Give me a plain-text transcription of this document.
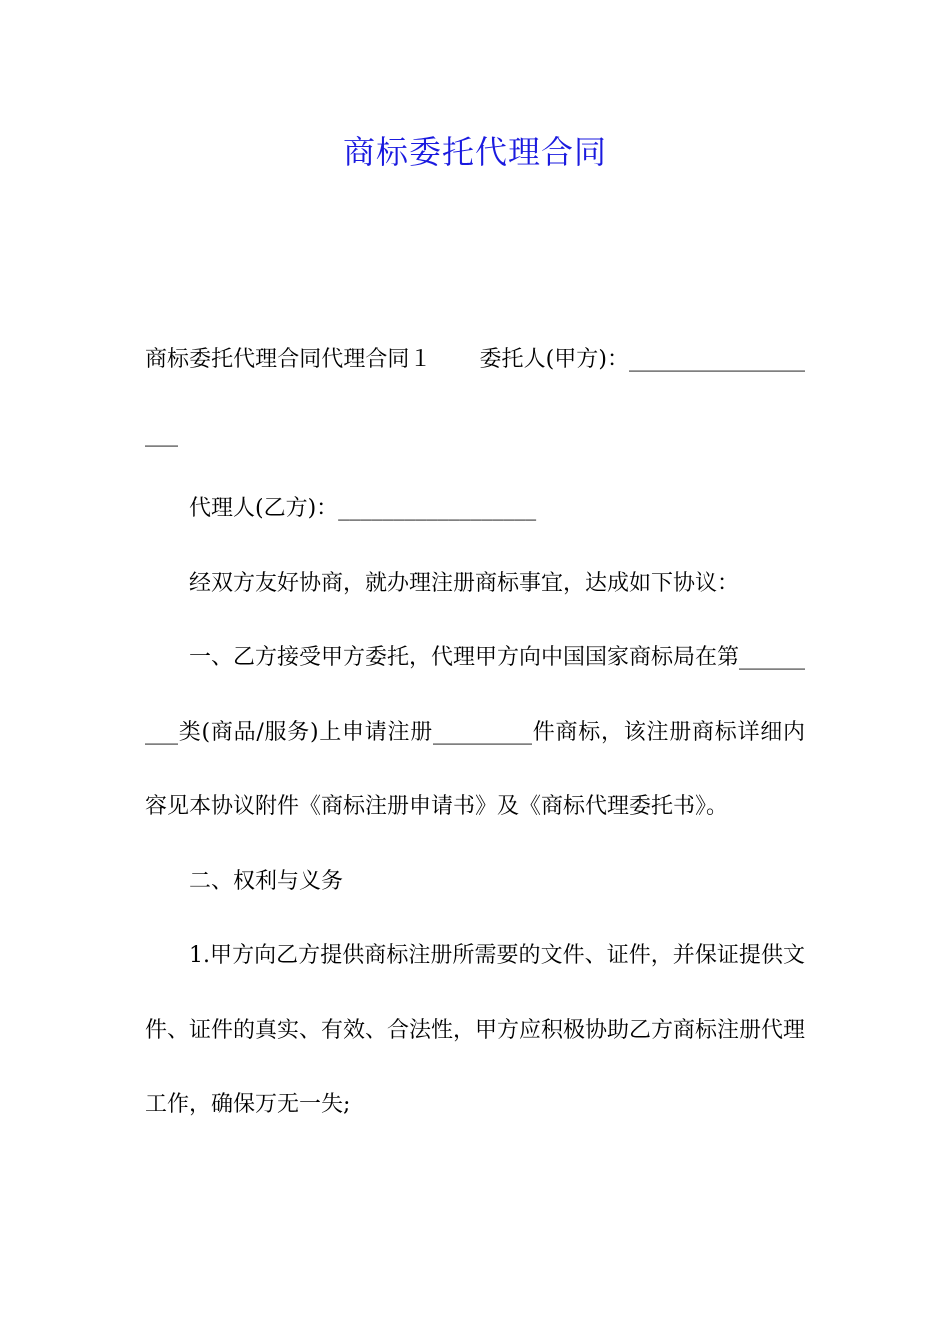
商标委托代理合同

商标委托代理合同代理合同１ 委托人(甲方)：___________________

代理人(乙方)：__________________

经双方友好协商，就办理注册商标事宜，达成如下协议：

一、乙方接受甲方委托，代理甲方向中国国家商标局在第_________类(商品/服务)上申请注册_________件商标，该注册商标详细内容见本协议附件《商标注册申请书》及《商标代理委托书》。

二、权利与义务

1.甲方向乙方提供商标注册所需要的文件、证件，并保证提供文件、证件的真实、有效、合法性，甲方应积极协助乙方商标注册代理工作，确保万无一失;
